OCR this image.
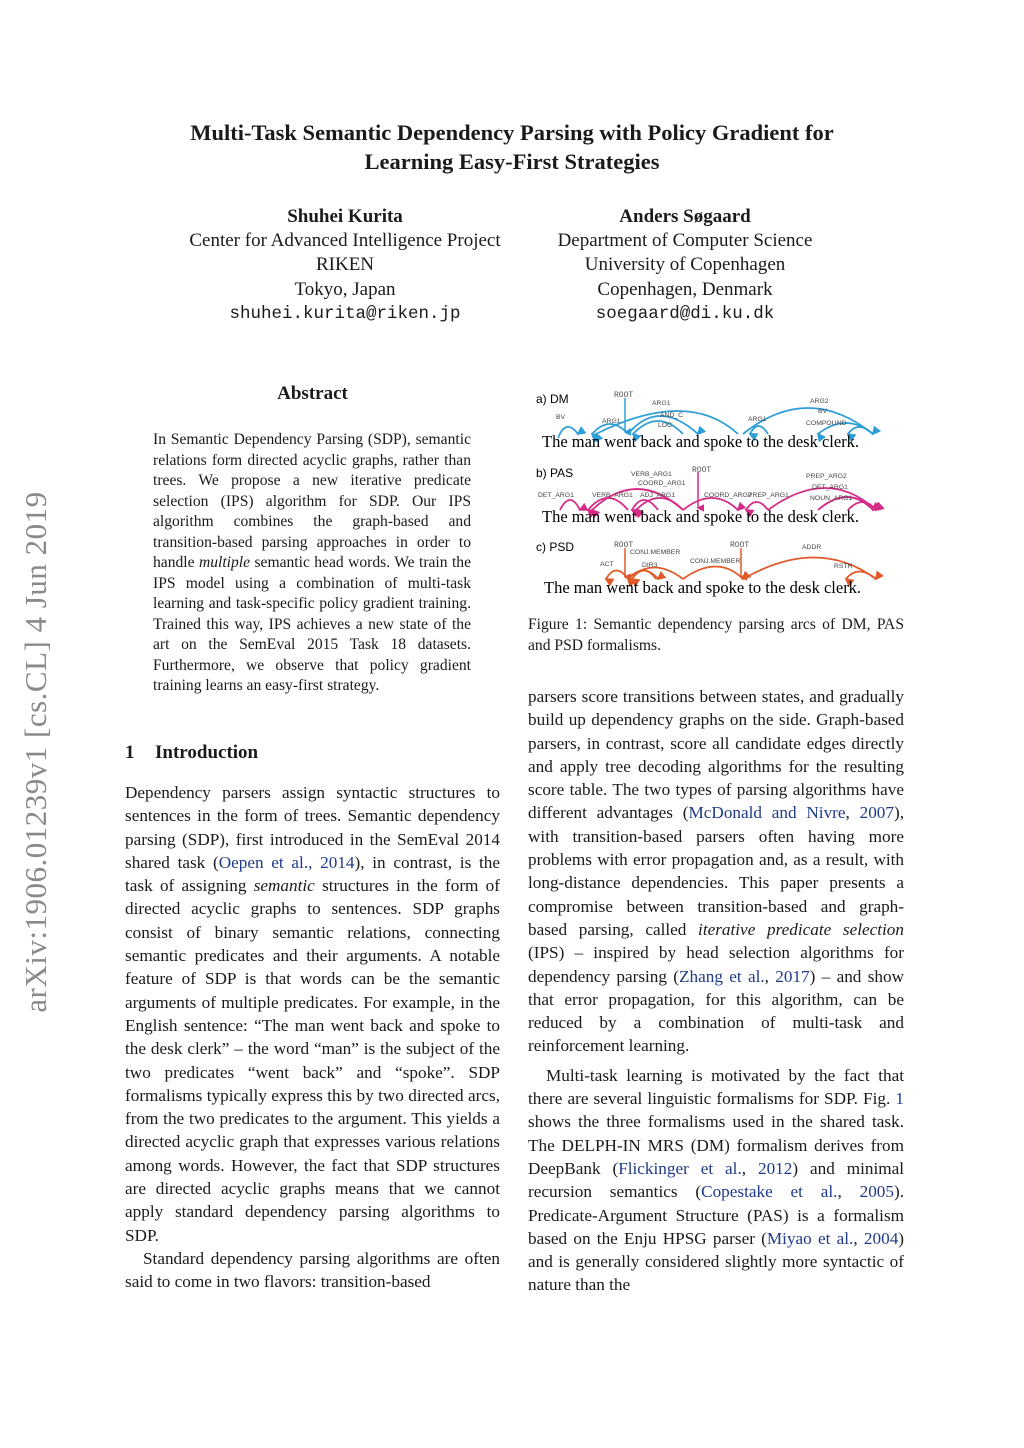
Multi-Task Semantic Dependency Parsing with Policy Gradient for
Learning Easy-First Strategies
Shuhei Kurita
Center for Advanced Intelligence Project
RIKEN
Tokyo, Japan
shuhei.kurita@riken.jp
Anders Søgaard
Department of Computer Science
University of Copenhagen
Copenhagen, Denmark
soegaard@di.ku.dk
arXiv:1906.01239v1 [cs.CL] 4 Jun 2019
Abstract
In Semantic Dependency Parsing (SDP), semantic relations form directed acyclic graphs, rather than trees. We propose a new iterative predicate selection (IPS) algorithm for SDP. Our IPS algorithm combines the graph-based and transition-based parsing approaches in order to handle multiple semantic head words. We train the IPS model using a combination of multi-task learning and task-specific policy gradient training. Trained this way, IPS achieves a new state of the art on the SemEval 2015 Task 18 datasets. Furthermore, we observe that policy gradient training learns an easy-first strategy.
1 Introduction

Dependency parsers assign syntactic structures to sentences in the form of trees. Semantic dependency parsing (SDP), first introduced in the SemEval 2014 shared task (Oepen et al., 2014), in contrast, is the task of assigning semantic structures in the form of directed acyclic graphs to sentences. SDP graphs consist of binary semantic relations, connecting semantic predicates and their arguments. A notable feature of SDP is that words can be the semantic arguments of multiple predicates. For example, in the English sentence: “The man went back and spoke to the desk clerk” – the word “man” is the subject of the two predicates “went back” and “spoke”. SDP formalisms typically express this by two directed arcs, from the two predicates to the argument. This yields a directed acyclic graph that expresses various relations among words. However, the fact that SDP structures are directed acyclic graphs means that we cannot apply standard dependency parsing algorithms to SDP.

Standard dependency parsing algorithms are often said to come in two flavors: transition-based

a) DM	ROOT
BV
ARG1
ARG1
AND_C
LOC
ARG1
ARG2
BV
COMPOUND
The man went back and spoke to the desk clerk.
b) PAS	ROOT
VERB_ARG1
COORD_ARG1
DET_ARG1	VERB_ARG1 ADJ_ARG1	COORD_ARG2
PREP_ARG1
PREP_ARG2
DET_ARG1
NOUN_ARG1
The man went back and spoke to the desk clerk.
c) PSD	ROOT	ROOT
CONJ.MEMBER
ACT	DIR3
CONJ.MEMBER
ADDR
RSTR
The man went back and spoke to the desk clerk.
Figure 1: Semantic dependency parsing arcs of DM, PAS and PSD formalisms.

parsers score transitions between states, and gradually build up dependency graphs on the side. Graph-based parsers, in contrast, score all candidate edges directly and apply tree decoding algorithms for the resulting score table. The two types of parsing algorithms have different advantages (McDonald and Nivre, 2007), with transition-based parsers often having more problems with error propagation and, as a result, with long-distance dependencies. This paper presents a compromise between transition-based and graph-based parsing, called iterative predicate selection (IPS) – inspired by head selection algorithms for dependency parsing (Zhang et al., 2017) – and show that error propagation, for this algorithm, can be reduced by a combination of multi-task and reinforcement learning.

Multi-task learning is motivated by the fact that there are several linguistic formalisms for SDP. Fig. 1 shows the three formalisms used in the shared task. The DELPH-IN MRS (DM) formalism derives from DeepBank (Flickinger et al., 2012) and minimal recursion semantics (Copestake et al., 2005). Predicate-Argument Structure (PAS) is a formalism based on the Enju HPSG parser (Miyao et al., 2004) and is generally considered slightly more syntactic of nature than the
